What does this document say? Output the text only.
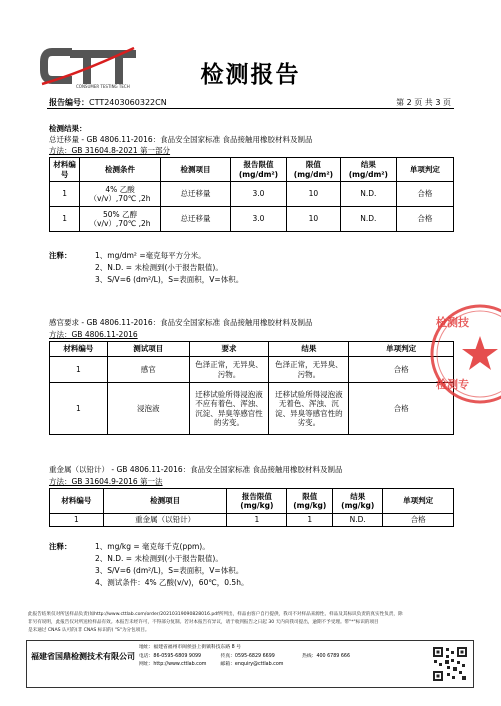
CONSUMER TESTING TECH	检测报告
报告编号：CTT2403060322CN	第 2 页 共 3 页
检测结果：
总迁移量 - GB 4806.11-2016：食品安全国家标准 食品接触用橡胶材料及制品
方法：GB 31604.8-2021 第一部分
材料编号	检测条件	检测项目	报告限值(mg/dm²)	限值(mg/dm²)	结果(mg/dm²)	单项判定
1	4% 乙酸（v/v）,70℃ ,2h	总迁移量	3.0	10	N.D.	合格
1	50% 乙醇（v/v）,70℃ ,2h	总迁移量	3.0	10	N.D.	合格
注释：	1、mg/dm² =毫克每平方分米。
2、N.D. = 未检测到(小于报告限值)。
3、S/V=6 (dm²/L)，S=表面积，V=体积。
感官要求 - GB 4806.11-2016：食品安全国家标准 食品接触用橡胶材料及制品
方法：GB 4806.11-2016
材料编号	测试项目	要求	结果	单项判定
1	感官	色泽正常，无异臭、污物。	色泽正常，无异臭、污物。	合格
1	浸泡液	迁移试验所得浸泡液不应有着色、浑浊、沉淀、异臭等感官性的劣变。	迁移试验所得浸泡液无着色、浑浊、沉淀、异臭等感官性的劣变。	合格
重金属（以铅计） - GB 4806.11-2016：食品安全国家标准 食品接触用橡胶材料及制品
方法：GB 31604.9-2016 第一法
材料编号	检测项目	报告限值(mg/kg)	限值(mg/kg)	结果(mg/kg)	单项判定
1	重金属（以铅计）	1	1	N.D.	合格
注释：	1、mg/kg = 毫克每千克(ppm)。
2、N.D. = 未检测到(小于报告限值)。
3、S/V=6 (dm²/L)，S=表面积，V=体积。
4、测试条件：4% 乙酸(v/v)，60℃，0.5h。
检测技
检测专
此报告结果仅对所送样品负责(如http://www.cttlab.com/order/20210319090828016.pdf所列出，样品由客户自行提供，我司不对样品来源性、样品及其标识负责的真实性负责，除
非另有说明，此报告仅对所送检样品有效。本报告未经许可，不得部分复制。若对本报告有异议，请于收到报告之日起 30 天内向我司提出，逾期不予受理。带"*"标识的项目
是未通过 CNAS 认可的(非 CNAS 标识的) "S"为分包项目。
福建省国鼎检测技术有限公司
地址：福建省福州市闽侯县上街镇科技东路 8 号
电话：86-0595-6809 9099	传真：0595-6829 6699	热线：400 6789 666
网址：http://www.cttlab.com	邮箱：enquiry@cttlab.com
